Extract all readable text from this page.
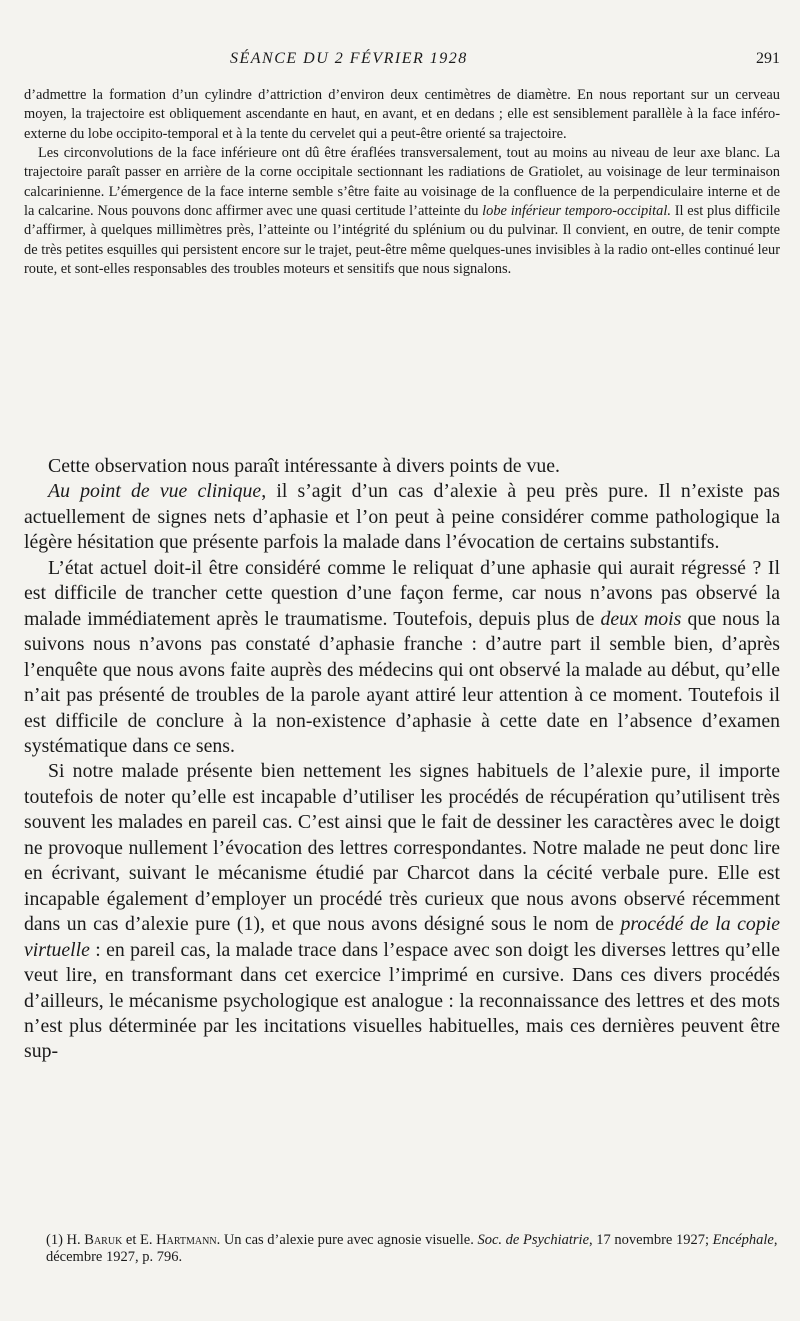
SÉANCE DU 2 FÉVRIER 1928	291

d’admettre la formation d’un cylindre d’attriction d’environ deux centimètres de diamètre. En nous reportant sur un cerveau moyen, la trajectoire est obliquement ascendante en haut, en avant, et en dedans ; elle est sensiblement parallèle à la face inféro-externe du lobe occipito-temporal et à la tente du cervelet qui a peut-être orienté sa trajectoire.

Les circonvolutions de la face inférieure ont dû être éraflées transversalement, tout au moins au niveau de leur axe blanc. La trajectoire paraît passer en arrière de la corne occipitale sectionnant les radiations de Gratiolet, au voisinage de leur terminaison calcarinienne. L’émergence de la face interne semble s’être faite au voisinage de la confluence de la perpendiculaire interne et de la calcarine. Nous pouvons donc affirmer avec une quasi certitude l’atteinte du lobe inférieur temporo-occipital. Il est plus difficile d’affirmer, à quelques millimètres près, l’atteinte ou l’intégrité du splénium ou du pulvinar. Il convient, en outre, de tenir compte de très petites esquilles qui persistent encore sur le trajet, peut-être même quelques-unes invisibles à la radio ont-elles continué leur route, et sont-elles responsables des troubles moteurs et sensitifs que nous signalons.

Cette observation nous paraît intéressante à divers points de vue.

Au point de vue clinique, il s’agit d’un cas d’alexie à peu près pure. Il n’existe pas actuellement de signes nets d’aphasie et l’on peut à peine considérer comme pathologique la légère hésitation que présente parfois la malade dans l’évocation de certains substantifs.

L’état actuel doit-il être considéré comme le reliquat d’une aphasie qui aurait régressé ? Il est difficile de trancher cette question d’une façon ferme, car nous n’avons pas observé la malade immédiatement après le traumatisme. Toutefois, depuis plus de deux mois que nous la suivons nous n’avons pas constaté d’aphasie franche : d’autre part il semble bien, d’après l’enquête que nous avons faite auprès des médecins qui ont observé la malade au début, qu’elle n’ait pas présenté de troubles de la parole ayant attiré leur attention à ce moment. Toutefois il est difficile de conclure à la non-existence d’aphasie à cette date en l’absence d’examen systématique dans ce sens.

Si notre malade présente bien nettement les signes habituels de l’alexie pure, il importe toutefois de noter qu’elle est incapable d’utiliser les procédés de récupération qu’utilisent très souvent les malades en pareil cas. C’est ainsi que le fait de dessiner les caractères avec le doigt ne provoque nullement l’évocation des lettres correspondantes. Notre malade ne peut donc lire en écrivant, suivant le mécanisme étudié par Charcot dans la cécité verbale pure. Elle est incapable également d’employer un procédé très curieux que nous avons observé récemment dans un cas d’alexie pure (1), et que nous avons désigné sous le nom de procédé de la copie virtuelle : en pareil cas, la malade trace dans l’espace avec son doigt les diverses lettres qu’elle veut lire, en transformant dans cet exercice l’imprimé en cursive. Dans ces divers procédés d’ailleurs, le mécanisme psychologique est analogue : la reconnaissance des lettres et des mots n’est plus déterminée par les incitations visuelles habituelles, mais ces dernières peuvent être sup-

(1) H. Baruk et E. Hartmann. Un cas d’alexie pure avec agnosie visuelle. Soc. de Psychiatrie, 17 novembre 1927; Encéphale, décembre 1927, p. 796.
